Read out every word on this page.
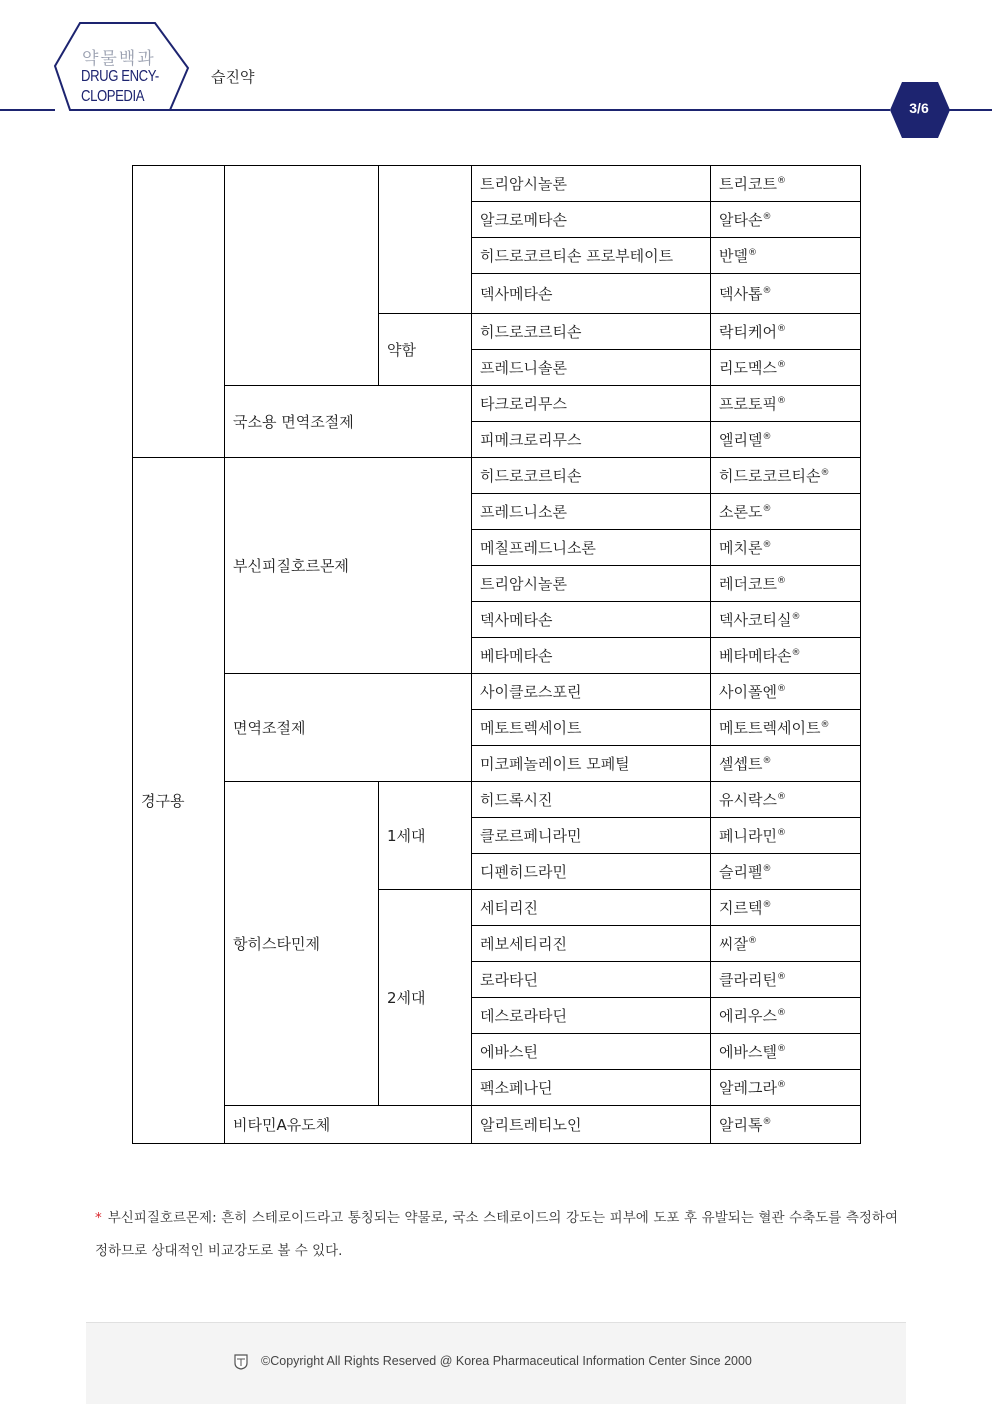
약물백과
DRUG ENCY-
CLOPEDIA
습진약
3/6
			트리암시놀론	트리코트®
			알크로메타손	알타손®
			히드로코르티손 프로부테이트	반델®
			덱사메타손	덱사톱®
		약함	히드로코르티손	락티케어®
			프레드니솔론	리도멕스®
	국소용 면역조절제		타크로리무스	프로토픽®
			피메크로리무스	엘리델®
경구용	부신피질호르몬제		히드로코르티손	히드로코르티손®
			프레드니소론	소론도®
			메칠프레드니소론	메치론®
			트리암시놀론	레더코트®
			덱사메타손	덱사코티실®
			베타메타손	베타메타손®
	면역조절제		사이클로스포린	사이폴엔®
			메토트렉세이트	메토트렉세이트®
			미코페놀레이트 모페틸	셀셉트®
	항히스타민제	1세대	히드록시진	유시락스®
			클로르페니라민	페니라민®
			디펜히드라민	슬리펠®
		2세대	세티리진	지르텍®
			레보세티리진	씨잘®
			로라타딘	클라리틴®
			데스로라타딘	에리우스®
			에바스틴	에바스텔®
			펙소페나딘	알레그라®
	비타민A유도체		알리트레티노인	알리톡®
* 부신피질호르몬제: 흔히 스테로이드라고 통칭되는 약물로, 국소 스테로이드의 강도는 피부에 도포 후 유발되는 혈관 수축도를 측정하여 정하므로 상대적인 비교강도로 볼 수 있다.
©Copyright All Rights Reserved @ Korea Pharmaceutical Information Center Since 2000
